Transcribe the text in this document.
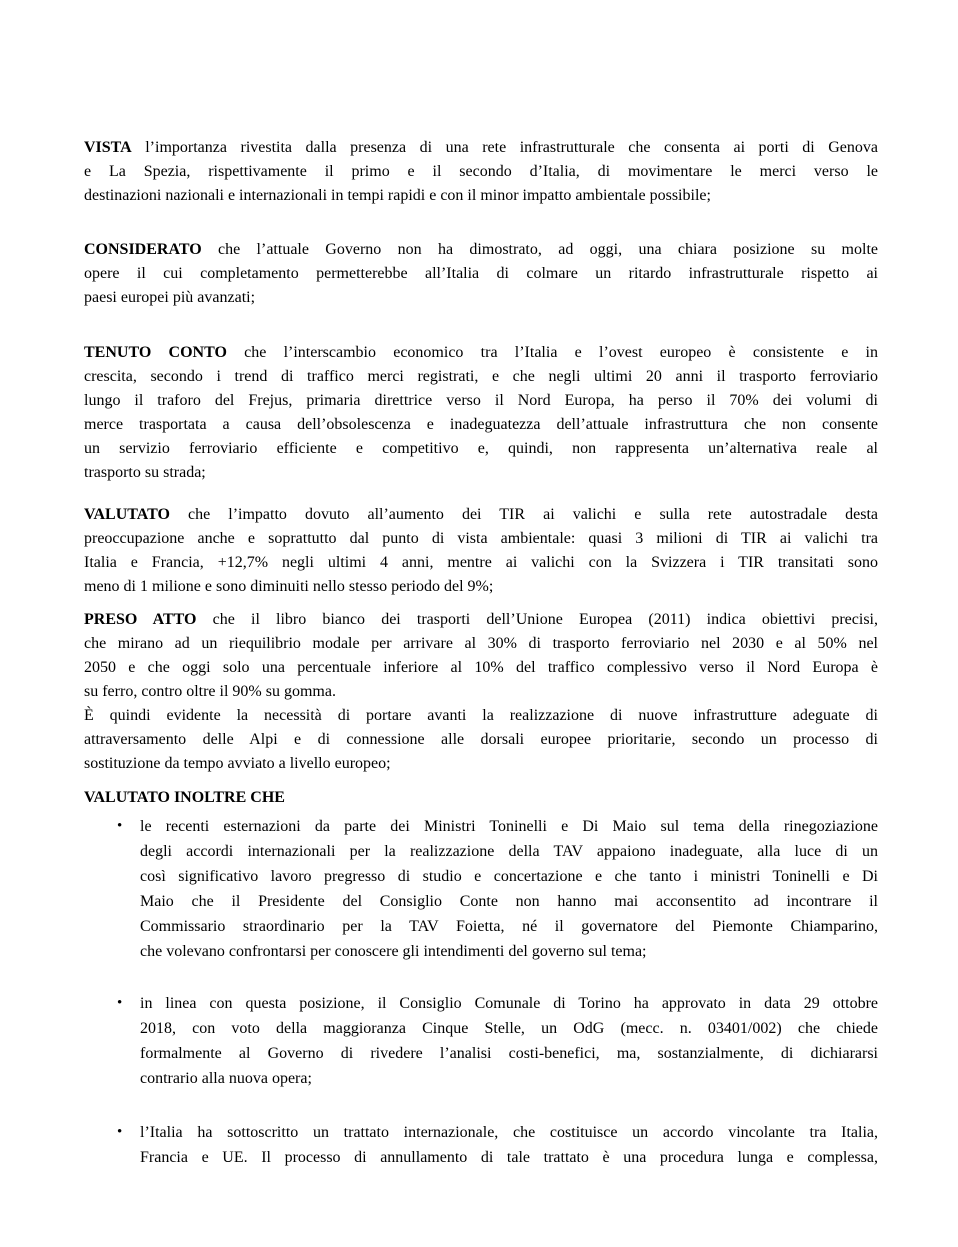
VISTA l’importanza rivestita dalla presenza di una rete infrastrutturale che consenta ai porti di Genova
e La Spezia, rispettivamente il primo e il secondo d’Italia, di movimentare le merci verso le
destinazioni nazionali e internazionali in tempi rapidi e con il minor impatto ambientale possibile;
CONSIDERATO che l’attuale Governo non ha dimostrato, ad oggi, una chiara posizione su molte
opere il cui completamento permetterebbe all’Italia di colmare un ritardo infrastrutturale rispetto ai
paesi europei più avanzati;
TENUTO CONTO che l’interscambio economico tra l’Italia e l’ovest europeo è consistente e in
crescita, secondo i trend di traffico merci registrati, e che negli ultimi 20 anni il trasporto ferroviario
lungo il traforo del Frejus, primaria direttrice verso il Nord Europa, ha perso il 70% dei volumi di
merce trasportata a causa dell’obsolescenza e inadeguatezza dell’attuale infrastruttura che non consente
un servizio ferroviario efficiente e competitivo e, quindi, non rappresenta un’alternativa reale al
trasporto su strada;
VALUTATO che l’impatto dovuto all’aumento dei TIR ai valichi e sulla rete autostradale desta
preoccupazione anche e soprattutto dal punto di vista ambientale: quasi 3 milioni di TIR ai valichi tra
Italia e Francia, +12,7% negli ultimi 4 anni, mentre ai valichi con la Svizzera i TIR transitati sono
meno di 1 milione e sono diminuiti nello stesso periodo del 9%;
PRESO ATTO che il libro bianco dei trasporti dell’Unione Europea (2011) indica obiettivi precisi,
che mirano ad un riequilibrio modale per arrivare al 30% di trasporto ferroviario nel 2030 e al 50% nel
2050 e che oggi solo una percentuale inferiore al 10% del traffico complessivo verso il Nord Europa è
su ferro, contro oltre il 90% su gomma.
È quindi evidente la necessità di portare avanti la realizzazione di nuove infrastrutture adeguate di
attraversamento delle Alpi e di connessione alle dorsali europee prioritarie, secondo un processo di
sostituzione da tempo avviato a livello europeo;
VALUTATO INOLTRE CHE
•	le recenti esternazioni da parte dei Ministri Toninelli e Di Maio sul tema della rinegoziazione
degli accordi internazionali per la realizzazione della TAV appaiono inadeguate, alla luce di un
così significativo lavoro pregresso di studio e concertazione e che tanto i ministri Toninelli e Di
Maio che il Presidente del Consiglio Conte non hanno mai acconsentito ad incontrare il
Commissario straordinario per la TAV Foietta, né il governatore del Piemonte Chiamparino,
che volevano confrontarsi per conoscere gli intendimenti del governo sul tema;
•	in linea con questa posizione, il Consiglio Comunale di Torino ha approvato in data 29 ottobre
2018, con voto della maggioranza Cinque Stelle, un OdG (mecc. n. 03401/002) che chiede
formalmente al Governo di rivedere l’analisi costi-benefici, ma, sostanzialmente, di dichiararsi
contrario alla nuova opera;
•	l’Italia ha sottoscritto un trattato internazionale, che costituisce un accordo vincolante tra Italia,
Francia e UE. Il processo di annullamento di tale trattato è una procedura lunga e complessa,
